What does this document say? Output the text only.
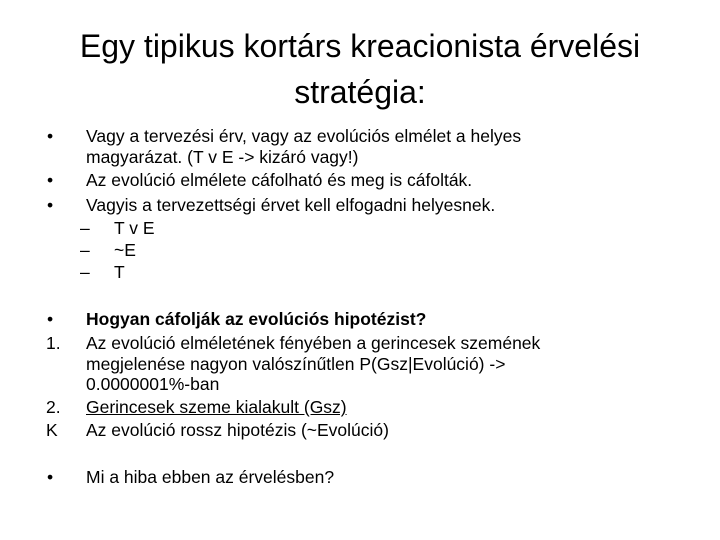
Egy tipikus kortárs kreacionista érvelési
stratégia:
•	Vagy a tervezési érv, vagy az evolúciós elmélet a helyes
magyarázat. (T v E -> kizáró vagy!)
•	Az evolúció elmélete cáfolható és meg is cáfolták.
•	Vagyis a tervezettségi érvet kell elfogadni helyesnek.
– T v E
– ~E
– T
•	Hogyan cáfolják az evolúciós hipotézist?
1.	Az evolúció elméletének fényében a gerincesek szemének
megjelenése nagyon valószínűtlen P(Gsz|Evolúció) ->
0.0000001%-ban
2.	Gerincesek szeme kialakult (Gsz)
K	Az evolúció rossz hipotézis (~Evolúció)
•	Mi a hiba ebben az érvelésben?
